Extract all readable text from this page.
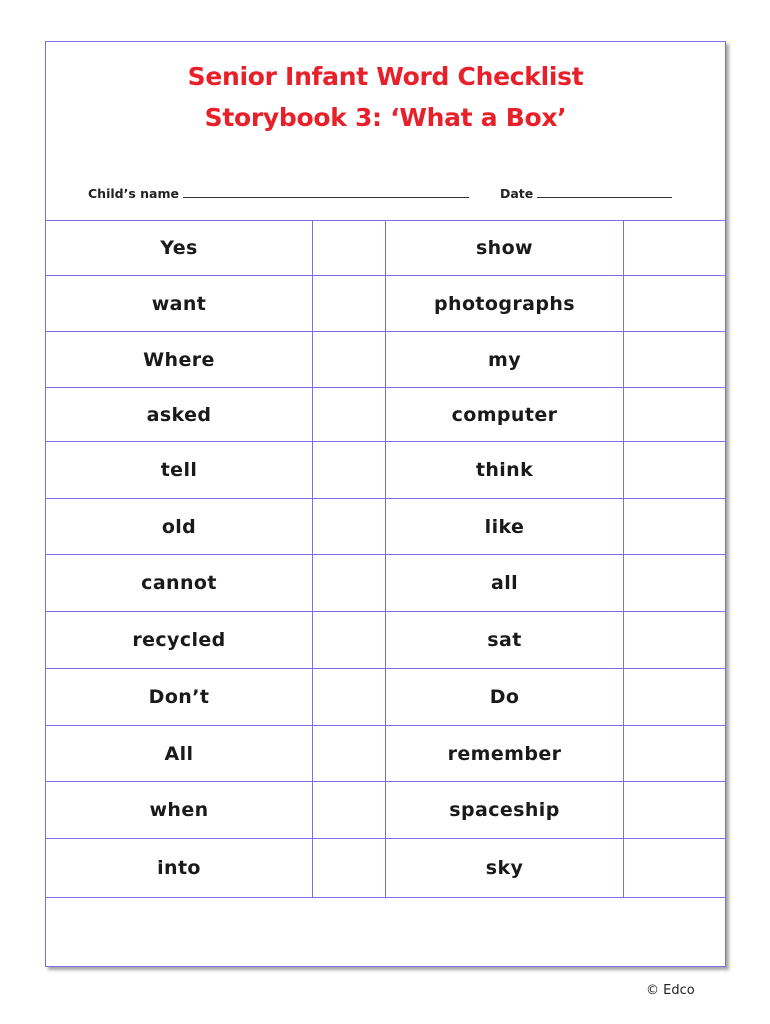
Senior Infant Word Checklist
Storybook 3: ‘What a Box’
Child’s name	Date
Yes	show
want	photographs
Where	my
asked	computer
tell	think
old	like
cannot	all
recycled	sat
Don’t	Do
All	remember
when	spaceship
into	sky
© Edco
